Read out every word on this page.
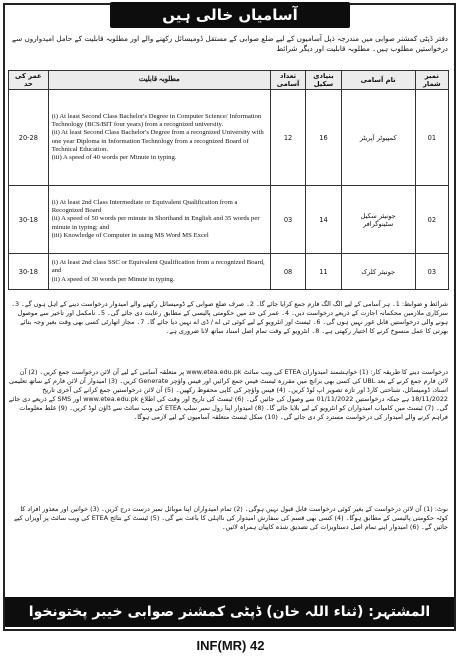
آسامیاں خالی ہیں
دفتر ڈپٹی کمشنر صوابی میں مندرجہ ذیل آسامیوں کے لیے ضلع صوابی کے مستقل ڈومیسائل رکھنے والے اور مطلوبہ قابلیت کے حامل امیدواروں سے درخواستیں مطلوب ہیں۔ مطلوبہ قابلیت اور دیگر شرائط
عمر کی حد	مطلوبہ قابلیت	تعداد آسامی	بنیادی سکیل	نام آسامی	نمبر شمار
20-28	(i) At least Second Class Bachelor's Degree in Computer Science/ Information Technology (BCS/BIT four years) from a recognized university.
(ii) At least Second Class Bachelor's Degree from a recognized University with one year Diploma in Information Technology from a recognized Board of Technical Education.
(iii) A speed of 40 words per Minute in typing.	12	16	کمپیوٹر آپریٹر	01
30-18	(i) At least 2nd Class Intermediate or Equivalent Qualification from a Recognized Board
(ii) A speed of 50 words per minute in Shorthand in English and 35 words per minute in typing; and
(iii) Knowledge of Computer in using MS Word MS Excel	03	14	جونیئر سکیل سٹینوگرافر	02
30-18	(i) At least 2nd class SSC or Equivalent Qualification from a recognized Board, and
(ii) A speed of 30 words per Minute in typing.	08	11	جونیئر کلرک	03
شرائط و ضوابط: 1۔ ہر آسامی کے لیے الگ الگ فارم جمع کرایا جائے گا۔ 2۔ صرف ضلع صوابی کے ڈومیسائل رکھنے والے امیدوار درخواست دینے کے اہل ہوں گے۔ 3۔ سرکاری ملازمین محکمانہ اجازت کے ذریعے درخواست دیں۔ 4۔ عمر کی حد میں حکومتی پالیسی کے مطابق رعایت دی جائے گی۔ 5۔ نامکمل اور تاخیر سے موصول ہونے والی درخواستیں قابل غور نہیں ہوں گی۔ 6۔ ٹیسٹ اور انٹرویو کے لیے کوئی ٹی اے / ڈی اے نہیں دیا جائے گا۔ 7۔ مجاز اتھارٹی کسی بھی وقت بغیر وجہ بتائے بھرتی کا عمل منسوخ کرنے کا اختیار رکھتی ہے۔ 8۔ انٹرویو کے وقت تمام اصل اسناد ساتھ لانا ضروری ہے۔
درخواست دینے کا طریقہ کار: (1) خواہشمند امیدواران ETEA کی ویب سائٹ www.etea.edu.pk پر متعلقہ آسامی کے لیے آن لائن درخواست جمع کریں۔ (2) آن لائن فارم جمع کرنے کے بعد UBL کی کسی بھی برانچ میں مقررہ ٹیسٹ فیس جمع کرائیں اور فیس واؤچر Generate کریں۔ (3) امیدوار آن لائن فارم کے ساتھ تعلیمی اسناد، ڈومیسائل، شناختی کارڈ اور تازہ تصویر اپ لوڈ کریں۔ (4) فیس واؤچر کی کاپی محفوظ رکھیں۔ (5) آن لائن درخواستیں جمع کرانے کی آخری تاریخ 18/11/2022 ہے جبکہ درخواستیں 01/11/2022 سے وصول کی جائیں گی۔ (6) ٹیسٹ کی تاریخ اور وقت کی اطلاع www.etea.edu.pk اور SMS کے ذریعے دی جائے گی۔ (7) ٹیسٹ میں کامیاب امیدواران کو انٹرویو کے لیے بلایا جائے گا۔ (8) امیدوار اپنا رول نمبر سلپ ETEA کی ویب سائٹ سے ڈاؤن لوڈ کریں۔ (9) غلط معلومات فراہم کرنے والے امیدوار کی درخواست مسترد کر دی جائے گی۔ (10) سکل ٹیسٹ متعلقہ آسامیوں کے لیے لازمی ہوگا۔
نوٹ: (1) آن لائن درخواست کے بغیر کوئی درخواست قابل قبول نہیں ہوگی۔ (2) تمام امیدواران اپنا موبائل نمبر درست درج کریں۔ (3) خواتین اور معذور افراد کا کوٹہ حکومتی پالیسی کے مطابق ہوگا۔ (4) کسی بھی قسم کی سفارش امیدوار کی نااہلی کا باعث بنے گی۔ (5) ٹیسٹ کے نتائج ETEA کی ویب سائٹ پر آویزاں کیے جائیں گے۔ (6) امیدوار اپنے تمام اصل دستاویزات کی تصدیق شدہ کاپیاں ہمراہ لائیں۔
المشتہر: (ثناء اللہ خان) ڈپٹی کمشنر صوابی خیبر پختونخوا
INF(MR) 42
